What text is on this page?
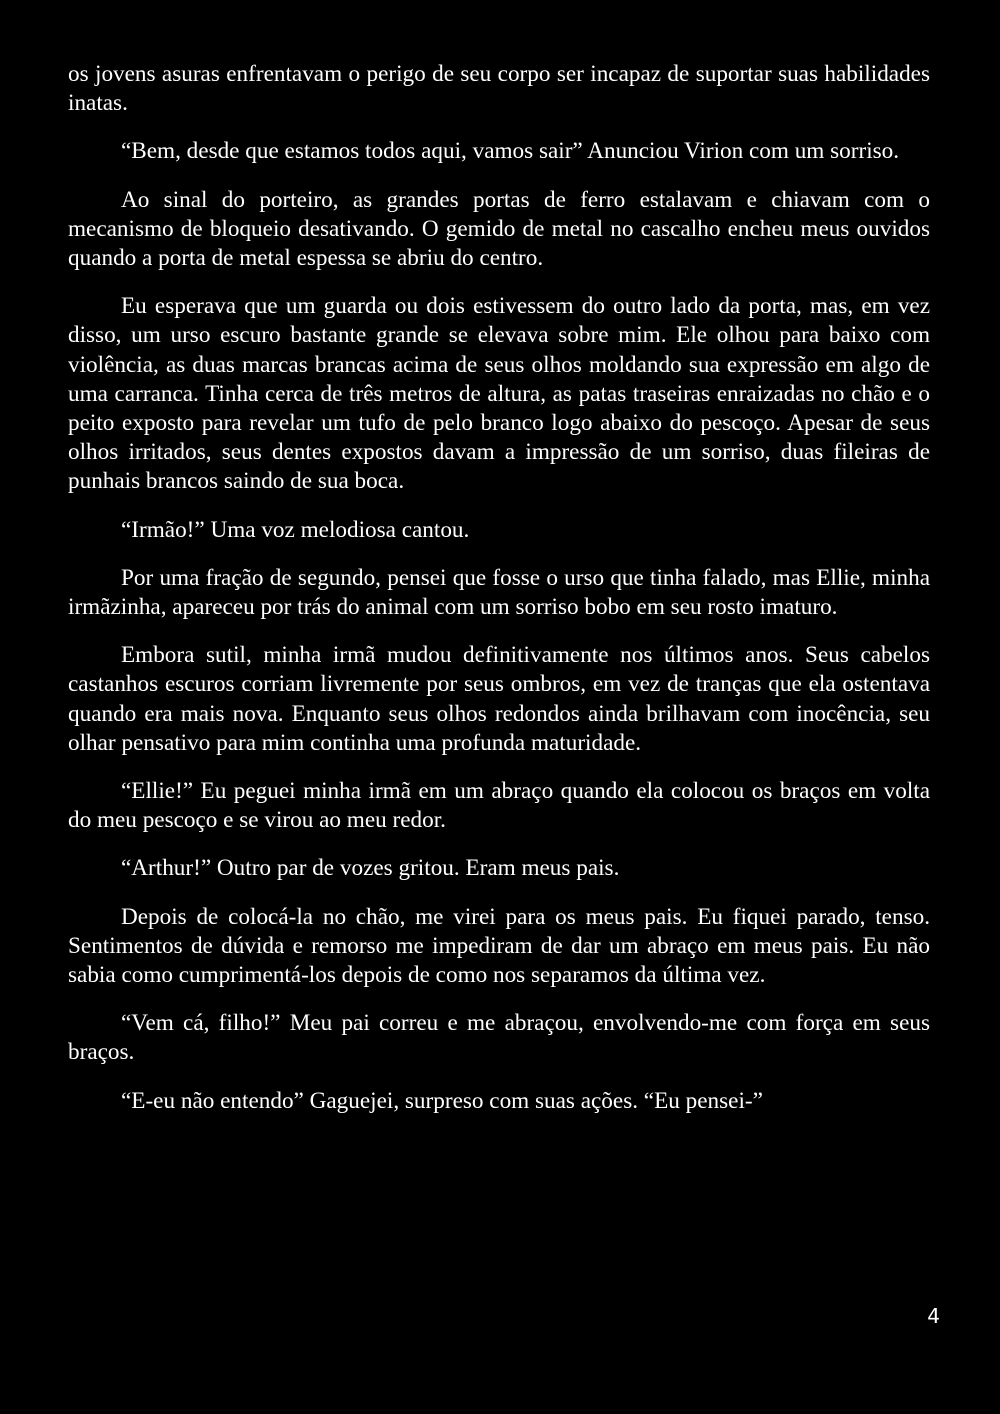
os jovens asuras enfrentavam o perigo de seu corpo ser incapaz de suportar suas habilidades inatas.

“Bem, desde que estamos todos aqui, vamos sair” Anunciou Virion com um sorriso.

Ao sinal do porteiro, as grandes portas de ferro estalavam e chiavam com o mecanismo de bloqueio desativando. O gemido de metal no cascalho encheu meus ouvidos quando a porta de metal espessa se abriu do centro.

Eu esperava que um guarda ou dois estivessem do outro lado da porta, mas, em vez disso, um urso escuro bastante grande se elevava sobre mim. Ele olhou para baixo com violência, as duas marcas brancas acima de seus olhos moldando sua expressão em algo de uma carranca. Tinha cerca de três metros de altura, as patas traseiras enraizadas no chão e o peito exposto para revelar um tufo de pelo branco logo abaixo do pescoço. Apesar de seus olhos irritados, seus dentes expostos davam a impressão de um sorriso, duas fileiras de punhais brancos saindo de sua boca.

“Irmão!” Uma voz melodiosa cantou.

Por uma fração de segundo, pensei que fosse o urso que tinha falado, mas Ellie, minha irmãzinha, apareceu por trás do animal com um sorriso bobo em seu rosto imaturo.

Embora sutil, minha irmã mudou definitivamente nos últimos anos. Seus cabelos castanhos escuros corriam livremente por seus ombros, em vez de tranças que ela ostentava quando era mais nova. Enquanto seus olhos redondos ainda brilhavam com inocência, seu olhar pensativo para mim continha uma profunda maturidade.

“Ellie!” Eu peguei minha irmã em um abraço quando ela colocou os braços em volta do meu pescoço e se virou ao meu redor.

“Arthur!” Outro par de vozes gritou. Eram meus pais.

Depois de colocá-la no chão, me virei para os meus pais. Eu fiquei parado, tenso. Sentimentos de dúvida e remorso me impediram de dar um abraço em meus pais. Eu não sabia como cumprimentá-los depois de como nos separamos da última vez.

“Vem cá, filho!” Meu pai correu e me abraçou, envolvendo-me com força em seus braços.

“E-eu não entendo” Gaguejei, surpreso com suas ações. “Eu pensei-”

4
